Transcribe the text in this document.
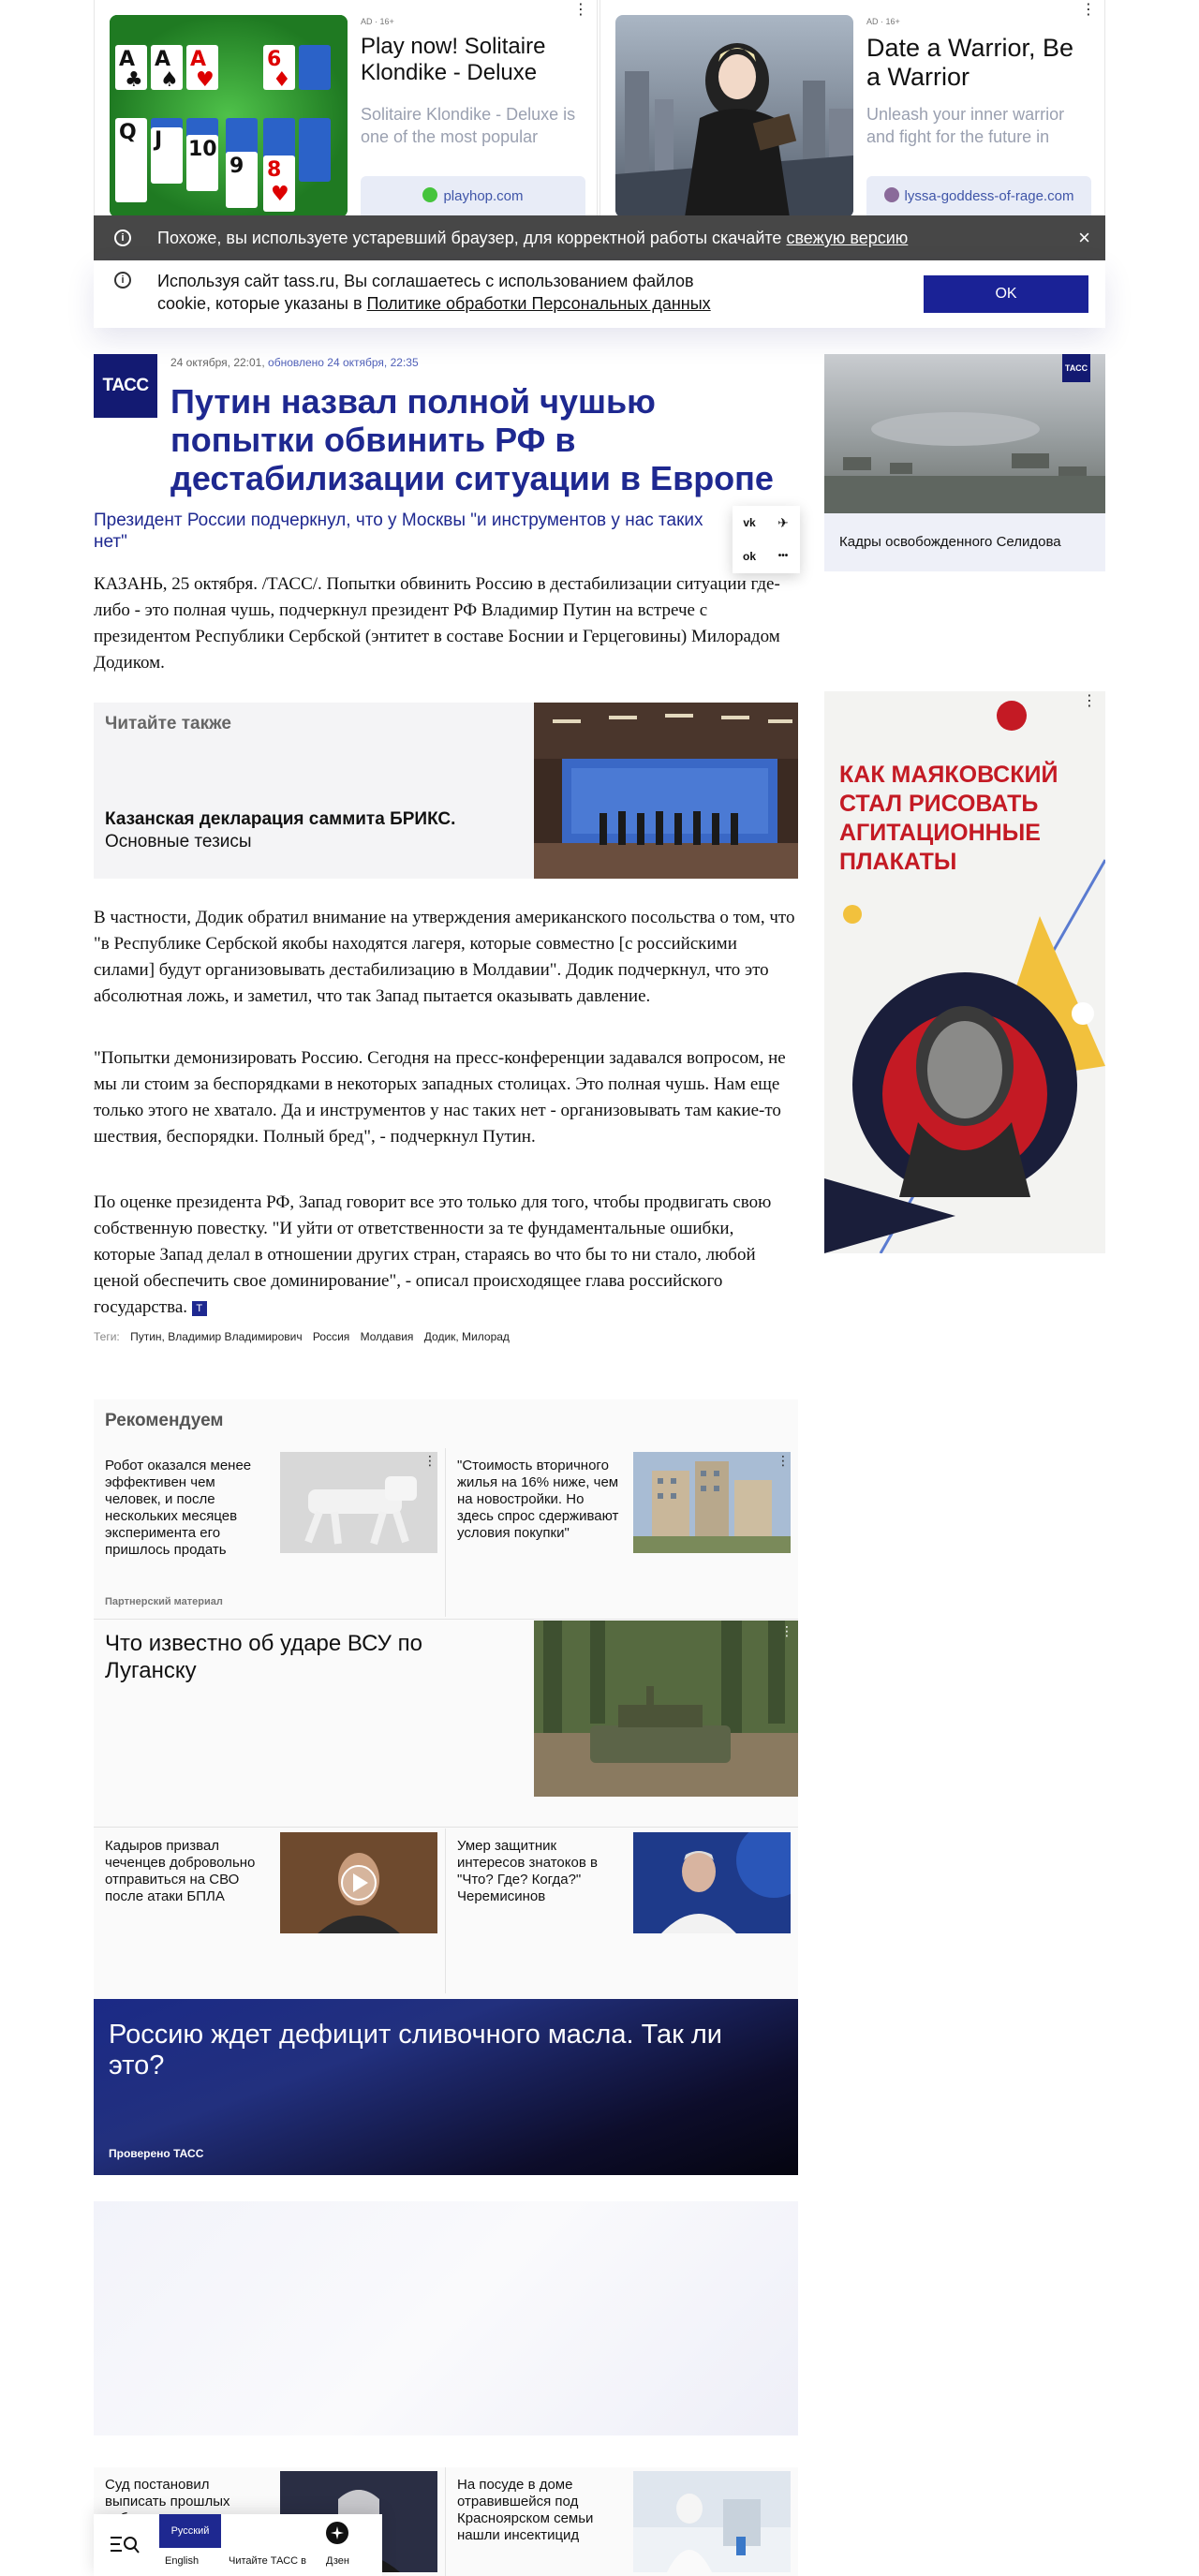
A
♣
A
♠
A
♥
6
♦
Q J 10
9 8
♥
AD · 16+
Play now! Solitaire Klondike - Deluxe
Solitaire Klondike - Deluxe is one of the most popular
playhop.com
⋮
AD · 16+
Date a Warrior, Be a Warrior
Unleash your inner warrior and fight for the future in
lyssa-goddess-of-rage.com
⋮
i	Похоже, вы используете устаревший браузер, для корректной работы скачайте свежую версию	×
i	Используя сайт tass.ru, Вы соглашаетесь с использованием файлов
cookie, которые указаны в Политике обработки Персональных данных
OK
ТАСС
24 октября, 22:01, обновлено 24 октября, 22:35
Путин назвал полной чушью попытки обвинить РФ в дестабилизации ситуации в Европе
Президент России подчеркнул, что у Москвы "и инструментов у нас таких нет"
vk	✈
ok	•••

КАЗАНЬ, 25 октября. /ТАСС/. Попытки обвинить Россию в дестабилизации ситуации где-либо - это полная чушь, подчеркнул президент РФ Владимир Путин на встрече с президентом Республики Сербской (энтитет в составе Боснии и Герцеговины) Милорадом Додиком.

Читайте также
Казанская декларация саммита БРИКС.
Основные тезисы

В частности, Додик обратил внимание на утверждения американского посольства о том, что "в Республике Сербской якобы находятся лагеря, которые совместно [с российскими силами] будут организовывать дестабилизацию в Молдавии". Додик подчеркнул, что это абсолютная ложь, и заметил, что так Запад пытается оказывать давление.

"Попытки демонизировать Россию. Сегодня на пресс-конференции задавался вопросом, не мы ли стоим за беспорядками в некоторых западных столицах. Это полная чушь. Нам еще только этого не хватало. Да и инструментов у нас таких нет - организовывать там какие-то шествия, беспорядки. Полный бред", - подчеркнул Путин.

По оценке президента РФ, Запад говорит все это только для того, чтобы продвигать свою собственную повестку. "И уйти от ответственности за те фундаментальные ошибки, которые Запад делал в отношении других стран, стараясь во что бы то ни стало, любой ценой обеспечить свое доминирование", - описал происходящее глава российского государства. Т

Теги: Путин, Владимир Владимирович Россия Молдавия Додик, Милорад
ТАСС
Кадры освобожденного Селидова
КАК МАЯКОВСКИЙ СТАЛ РИСОВАТЬ АГИТАЦИОННЫЕ ПЛАКАТЫ
⋮
Рекомендуем
Робот оказался менее эффективен чем человек, и после нескольких месяцев эксперимента его пришлось продать
⋮
Партнерский материал
"Стоимость вторичного жилья на 16% ниже, чем на новостройки. Но здесь спрос сдерживают условия покупки"
⋮
Что известно об ударе ВСУ по Луганску
⋮
Кадыров призвал чеченцев добровольно отправиться на СВО после атаки БПЛА
Умер защитник интересов знатоков в "Что? Где? Когда?" Черемисинов
Россию ждет дефицит сливочного масла. Так ли это?
Проверено ТАСС
Суд постановил выписать прошлых
На посуде в доме отравившейся под Красноярском семьи нашли инсектицид
Русский
English	Читайте ТАСС в Дзен
